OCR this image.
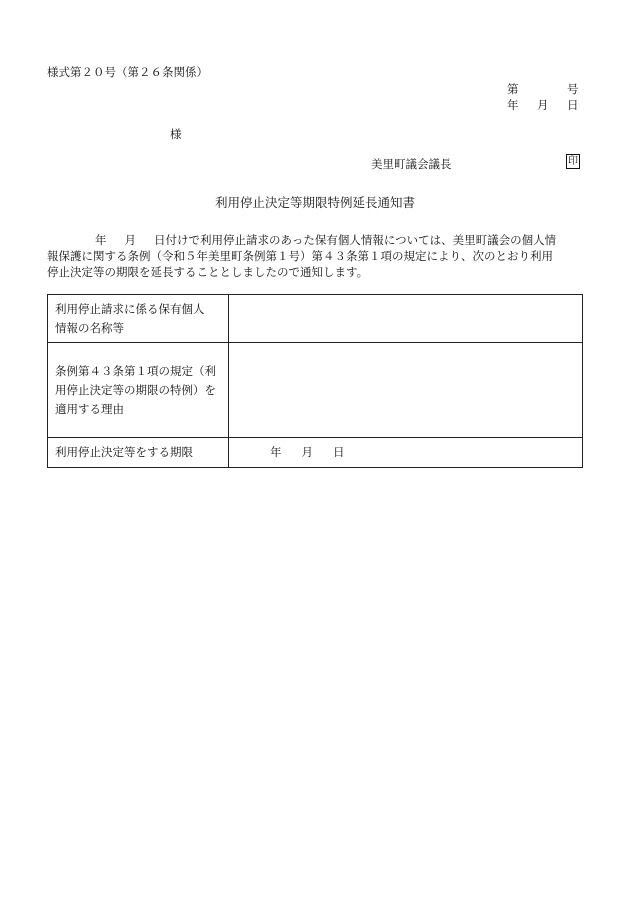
様式第２０号（第２６条関係）
第	号
年 月 日
様
美里町議会議長	印
利用停止決定等期限特例延長通知書

年 月 日付けで利用停止請求のあった保有個人情報については、美里町議会の個人情

報保護に関する条例（令和５年美里町条例第１号）第４３条第１項の規定により、次のとおり利用

停止決定等の期限を延長することとしましたので通知します。

利用停止請求に係る保有個人
情報の名称等	

条例第４３条第１項の規定（利
用停止決定等の期限の特例）を
適用する理由	

利用停止決定等をする期限	年 月 日
